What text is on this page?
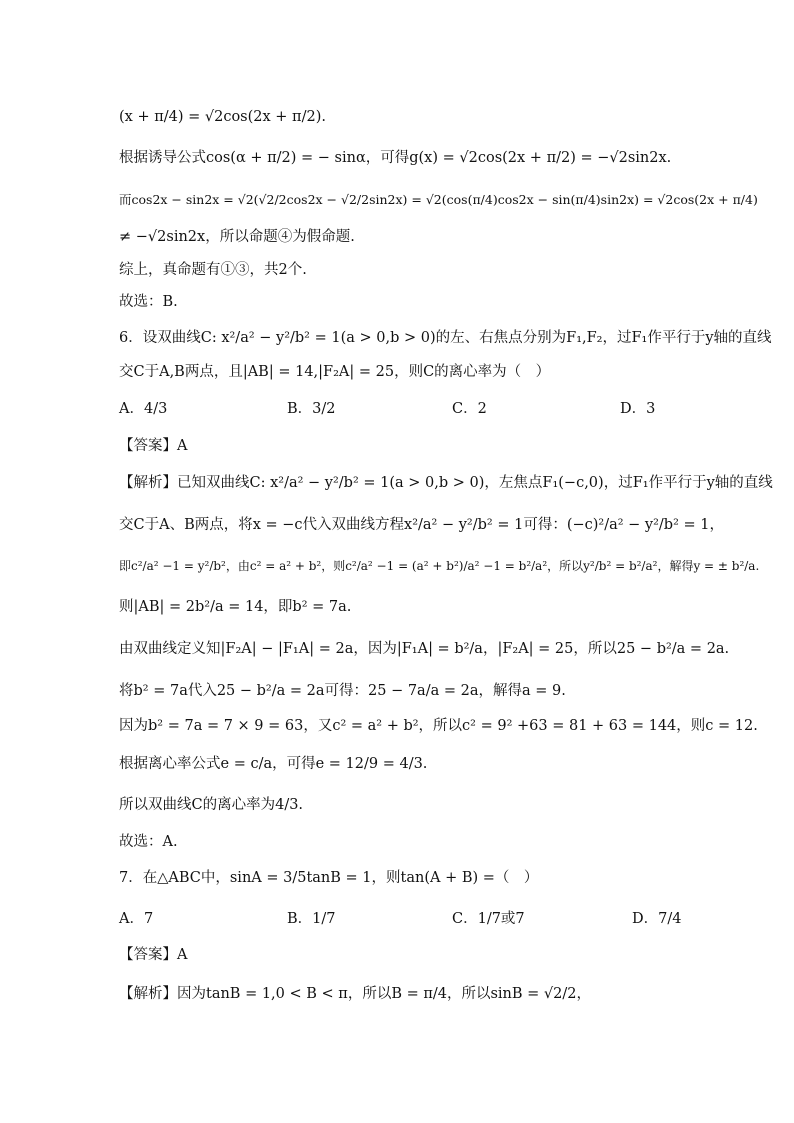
(x + π/4) = √2cos(2x + π/2).
根据诱导公式cos(α + π/2) = − sinα，可得g(x) = √2cos(2x + π/2) = −√2sin2x.
而cos2x − sin2x = √2(√2/2cos2x − √2/2sin2x) = √2(cos(π/4)cos2x − sin(π/4)sin2x) = √2cos(2x + π/4)
≠ −√2sin2x，所以命题④为假命题.
综上，真命题有①③，共2个.
故选：B.
6．设双曲线C: x²/a² − y²/b² = 1(a > 0,b > 0)的左、右焦点分别为F₁,F₂，过F₁作平行于y轴的直线
交C于A,B两点，且|AB| = 14,|F₂A| = 25，则C的离心率为（　）
A．4/3	B．3/2	C．2	D．3
【答案】A
【解析】已知双曲线C: x²/a² − y²/b² = 1(a > 0,b > 0)，左焦点F₁(−c,0)，过F₁作平行于y轴的直线
交C于A、B两点，将x = −c代入双曲线方程x²/a² − y²/b² = 1可得：(−c)²/a² − y²/b² = 1，
即c²/a² −1 = y²/b²，由c² = a² + b²，则c²/a² −1 = (a² + b²)/a² −1 = b²/a²，所以y²/b² = b²/a²，解得y = ± b²/a.
则|AB| = 2b²/a = 14，即b² = 7a.
由双曲线定义知|F₂A| − |F₁A| = 2a，因为|F₁A| = b²/a，|F₂A| = 25，所以25 − b²/a = 2a.
将b² = 7a代入25 − b²/a = 2a可得：25 − 7a/a = 2a，解得a = 9.
因为b² = 7a = 7 × 9 = 63，又c² = a² + b²，所以c² = 9² +63 = 81 + 63 = 144，则c = 12.
根据离心率公式e = c/a，可得e = 12/9 = 4/3.
所以双曲线C的离心率为4/3.
故选：A.
7．在△ABC中，sinA = 3/5tanB = 1，则tan(A + B) =（　）
A．7	B．1/7	C．1/7或7	D．7/4
【答案】A
【解析】因为tanB = 1,0 < B < π，所以B = π/4，所以sinB = √2/2，
